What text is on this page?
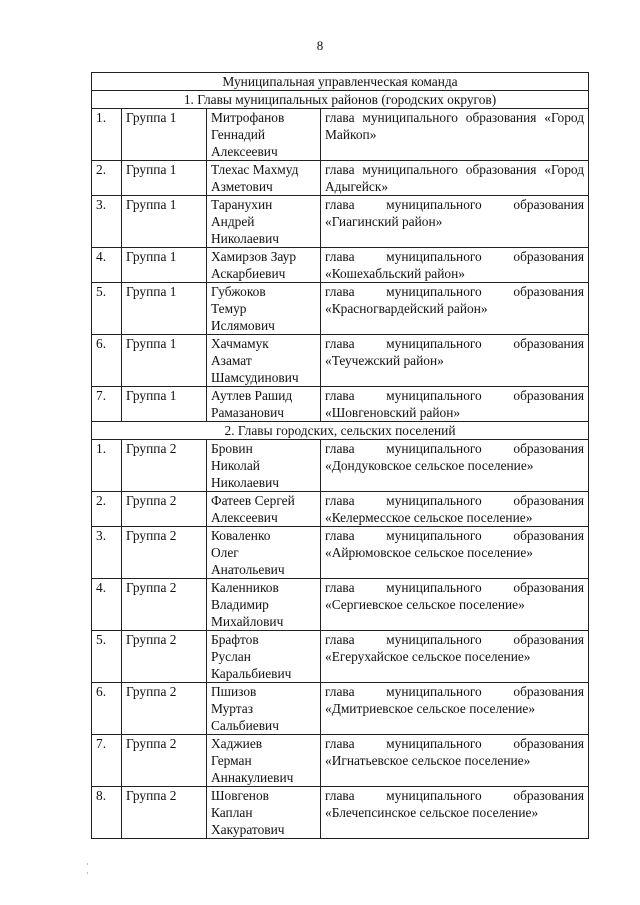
8
Муниципальная управленческая команда			
1. Главы муниципальных районов (городских округов)			
1.	Группа 1	Митрофанов
Геннадий
Алексеевич	глава муниципального образования «Город Майкоп»
2.	Группа 1	Тлехас Махмуд
Азметович	глава муниципального образования «Город Адыгейск»
3.	Группа 1	Таранухин
Андрей
Николаевич	глава муниципального образования «Гиагинский район»
4.	Группа 1	Хамирзов Заур
Аскарбиевич	глава муниципального образования «Кошехабльский район»
5.	Группа 1	Губжоков
Темур
Ислямович	глава муниципального образования «Красногвардейский район»
6.	Группа 1	Хачмамук
Азамат
Шамсудинович	глава муниципального образования «Теучежский район»
7.	Группа 1	Аутлев Рашид
Рамазанович	глава муниципального образования «Шовгеновский район»
2. Главы городских, сельских поселений			
1.	Группа 2	Бровин
Николай
Николаевич	глава муниципального образования «Дондуковское сельское поселение»
2.	Группа 2	Фатеев Сергей
Алексеевич	глава муниципального образования «Келермесское сельское поселение»
3.	Группа 2	Коваленко
Олег
Анатольевич	глава муниципального образования «Айрюмовское сельское поселение»
4.	Группа 2	Каленников
Владимир
Михайлович	глава муниципального образования «Сергиевское сельское поселение»
5.	Группа 2	Брафтов
Руслан
Каральбиевич	глава муниципального образования «Егерухайское сельское поселение»
6.	Группа 2	Пшизов
Муртаз
Сальбиевич	глава муниципального образования «Дмитриевское сельское поселение»
7.	Группа 2	Хаджиев
Герман
Аннакулиевич	глава муниципального образования «Игнатьевское сельское поселение»
8.	Группа 2	Шовгенов
Каплан
Хакуратович	глава муниципального образования «Блечепсинское сельское поселение»
·
·
